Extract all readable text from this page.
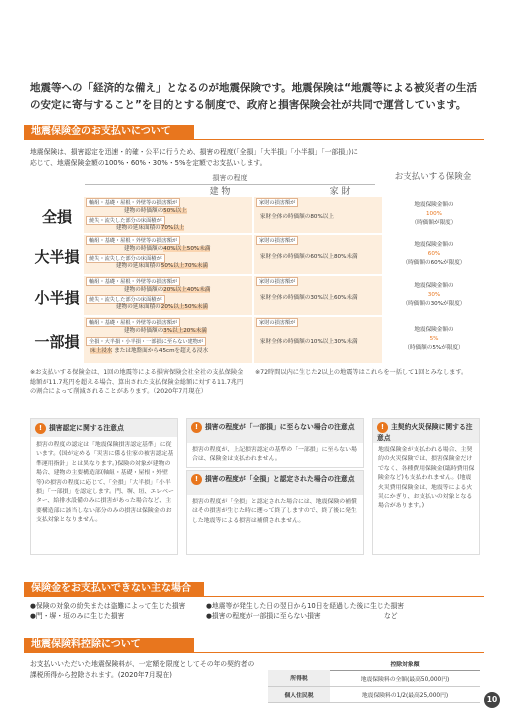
地震等への「経済的な備え」となるのが地震保険です。地震保険は“地震等による被災者の生活の安定に寄与すること”を目的とする制度で、政府と損害保険会社が共同で運営しています。
地震保険金のお支払いについて
地震保険は、損害認定を迅速・的確・公平に行うため、損害の程度(「全損」「大半損」「小半損」「一部損」)に応じて、地震保険金額の100%・60%・30%・5%を定額でお支払いします。
損害の程度
建 物	家 財
お支払いする保険金
全損
軸組・基礎・屋根・外壁等の損害額が
建物の時価額の50%以上
焼失・流失した部分の床面積が
建物の延床面積の70%以上
家財の損害額が
家財全体の時価額の80%以上
地震保険金額の
100%
（時価額が限度）
大半損
軸組・基礎・屋根・外壁等の損害額が
建物の時価額の40%以上50%未満
焼失・流失した部分の床面積が
建物の延床面積の50%以上70%未満
家財の損害額が
家財全体の時価額の60%以上80%未満
地震保険金額の
60%
（時価額の60%が限度）
小半損
軸組・基礎・屋根・外壁等の損害額が
建物の時価額の20%以上40%未満
焼失・流失した部分の床面積が
建物の延床面積の20%以上50%未満
家財の損害額が
家財全体の時価額の30%以上60%未満
地震保険金額の
30%
（時価額の30%が限度）
一部損
軸組・基礎・屋根・外壁等の損害額が
建物の時価額の3%以上20%未満
全損・大半損・小半損・一部損に至らない建物が
床上浸水 または地盤面から45cmを超える浸水
家財の損害額が
家財全体の時価額の10%以上30%未満
地震保険金額の
5%
（時価額の5%が限度）
※お支払いする保険金は、1回の地震等による損害保険会社全社の支払保険金総額が11.7兆円を超える場合、算出された支払保険金総額に対する11.7兆円の割合によって削減されることがあります。（2020年7月現在）
※72時間以内に生じた2以上の地震等はこれらを一括して1回とみなします。
! 損害認定に関する注意点
損害の程度の認定は「地震保険損害認定基準」に従います。(国が定める「災害に係る住家の被害認定基準運用指針」とは異なります。)保険の対象が建物の場合、建物の主要構造部(軸組・基礎・屋根・外壁等)の損害の程度に応じて、「全損」「大半損」「小半損」「一部損」を認定します。門、塀、垣、エレベーター、給排水設備のみに損害があった場合など、主要構造部に該当しない部分のみの損害は保険金のお支払対象となりません。
! 損害の程度が「一部損」に至らない場合の注意点
損害の程度が、上記損害認定の基準の「一部損」に至らない場合は、保険金は支払われません。
! 損害の程度が「全損」と認定された場合の注意点
損害の程度が「全損」と認定された場合には、地震保険の補償はその損害が生じた時に遡って終了しますので、終了後に発生した地震等による損害は補償されません。
! 主契約火災保険に関する注意点
地震保険金が支払われる場合、主契約の火災保険では、損害保険金だけでなく、各種費用保険金(臨時費用保険金など)も支払われません。(地震火災費用保険金は、地震等による火災にかぎり、お支払いの対象となる場合があります。)
保険金をお支払いできない主な場合
●保険の対象の紛失または盗難によって生じた損害
●門・塀・垣のみに生じた損害
●地震等が発生した日の翌日から10日を経過した後に生じた損害
●損害の程度が一部損に至らない損害	など
地震保険料控除について
お支払いいただいた地震保険料が、一定額を限度としてその年の契約者の課税所得から控除されます。(2020年7月現在)
	控除対象額
所得税	地震保険料の全額(最高50,000円)
個人住民税	地震保険料の1/2(最高25,000円)	10
